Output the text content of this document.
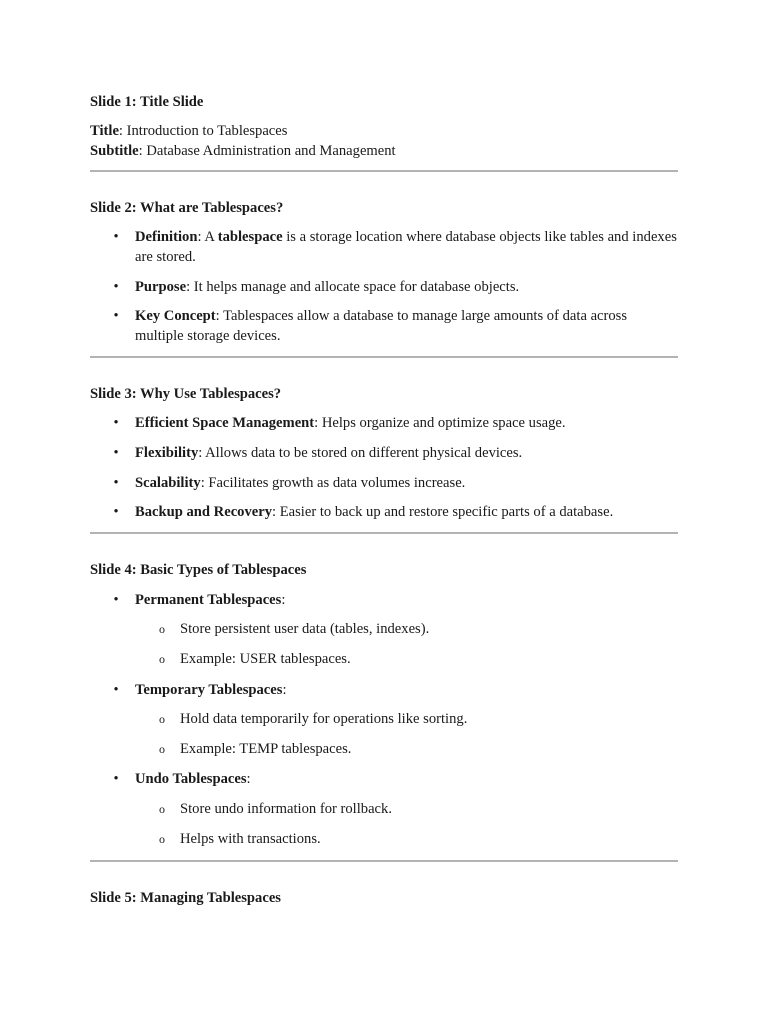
Slide 1: Title Slide

Title: Introduction to Tablespaces

Subtitle: Database Administration and Management

Slide 2: What are Tablespaces?

• Definition: A tablespace is a storage location where database objects like tables and indexes are stored.
• Purpose: It helps manage and allocate space for database objects.
• Key Concept: Tablespaces allow a database to manage large amounts of data across multiple storage devices.

Slide 3: Why Use Tablespaces?

• Efficient Space Management: Helps organize and optimize space usage.
• Flexibility: Allows data to be stored on different physical devices.
• Scalability: Facilitates growth as data volumes increase.
• Backup and Recovery: Easier to back up and restore specific parts of a database.

Slide 4: Basic Types of Tablespaces

• Permanent Tablespaces:
o Store persistent user data (tables, indexes).
o Example: USER tablespaces.
• Temporary Tablespaces:
o Hold data temporarily for operations like sorting.
o Example: TEMP tablespaces.
• Undo Tablespaces:
o Store undo information for rollback.
o Helps with transactions.

Slide 5: Managing Tablespaces
